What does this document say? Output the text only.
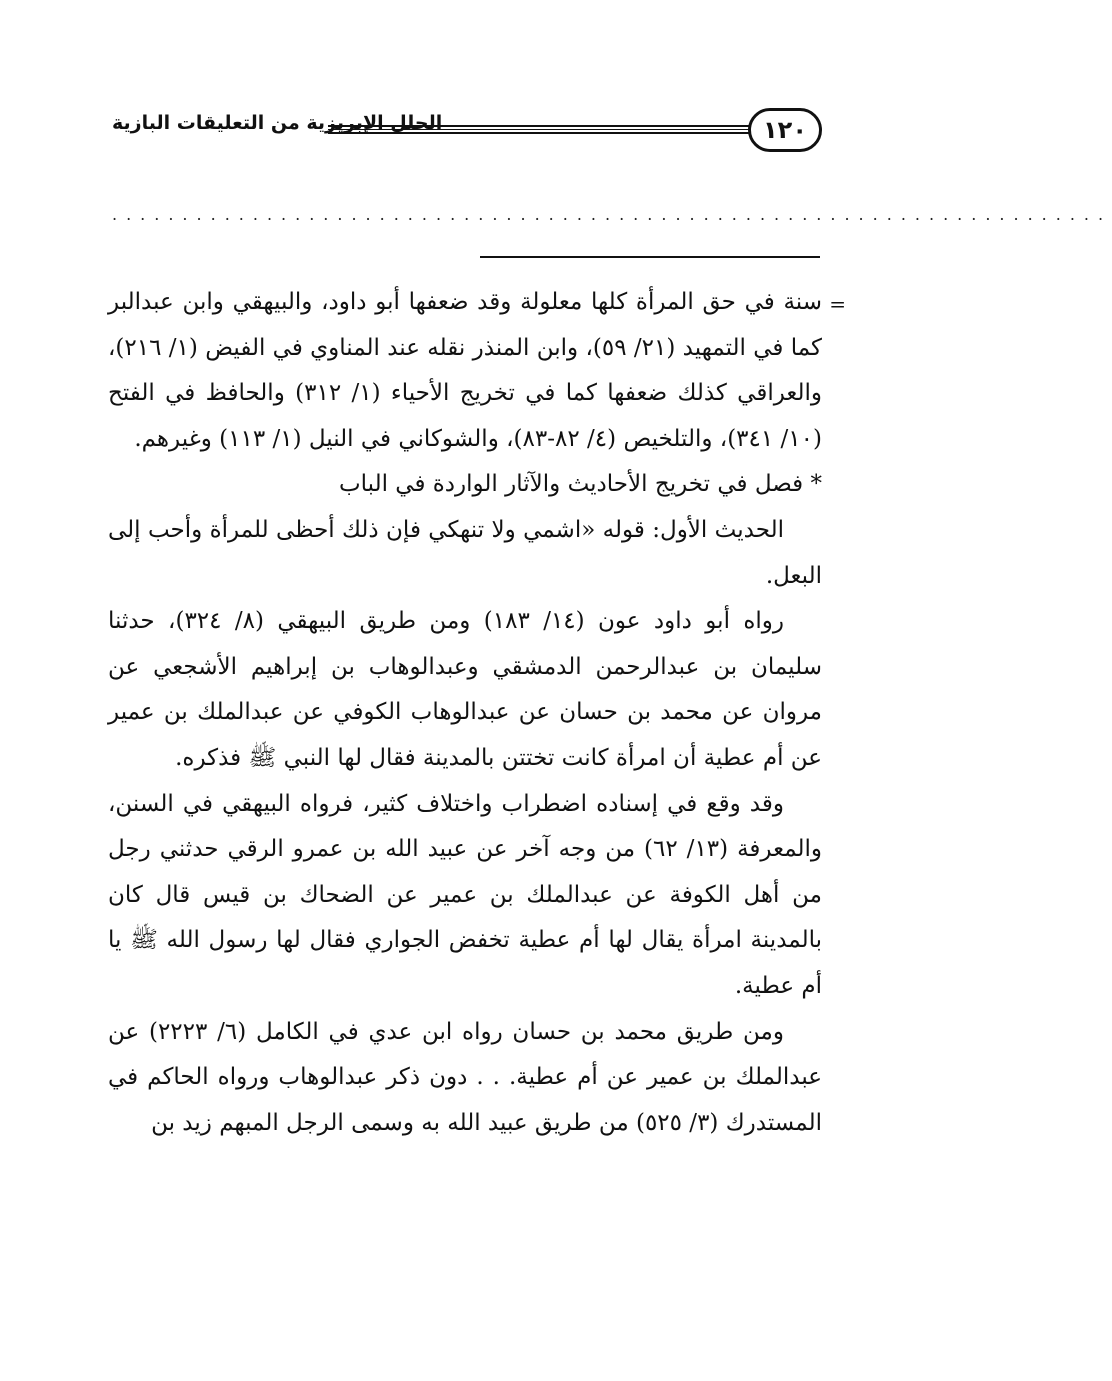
١٢٠
الحلل الإبريزية من التعليقات البازية
.......................................................................

=
سنة في حق المرأة كلها معلولة وقد ضعفها أبو داود، والبيهقي وابن عبدالبر كما في التمهيد (٢١/ ٥٩)، وابن المنذر نقله عند المناوي في الفيض (١/ ٢١٦)، والعراقي كذلك ضعفها كما في تخريج الأحياء (١/ ٣١٢) والحافظ في الفتح (١٠/ ٣٤١)، والتلخيص (٤/ ٨٢-٨٣)، والشوكاني في النيل (١/ ١١٣) وغيرهم.

* فصل في تخريج الأحاديث والآثار الواردة في الباب

الحديث الأول: قوله «اشمي ولا تنهكي فإن ذلك أحظى للمرأة وأحب إلى البعل.

رواه أبو داود عون (١٤/ ١٨٣) ومن طريق البيهقي (٨/ ٣٢٤)، حدثنا سليمان بن عبدالرحمن الدمشقي وعبدالوهاب بن إبراهيم الأشجعي عن مروان عن محمد بن حسان عن عبدالوهاب الكوفي عن عبدالملك بن عمير عن أم عطية أن امرأة كانت تختتن بالمدينة فقال لها النبي ﷺ فذكره.

وقد وقع في إسناده اضطراب واختلاف كثير، فرواه البيهقي في السنن، والمعرفة (١٣/ ٦٢) من وجه آخر عن عبيد الله بن عمرو الرقي حدثني رجل من أهل الكوفة عن عبدالملك بن عمير عن الضحاك بن قيس قال كان بالمدينة امرأة يقال لها أم عطية تخفض الجواري فقال لها رسول الله ﷺ يا أم عطية.

ومن طريق محمد بن حسان رواه ابن عدي في الكامل (٦/ ٢٢٢٣) عن عبدالملك بن عمير عن أم عطية. . . دون ذكر عبدالوهاب ورواه الحاكم في المستدرك (٣/ ٥٢٥) من طريق عبيد الله به وسمى الرجل المبهم زيد بن
